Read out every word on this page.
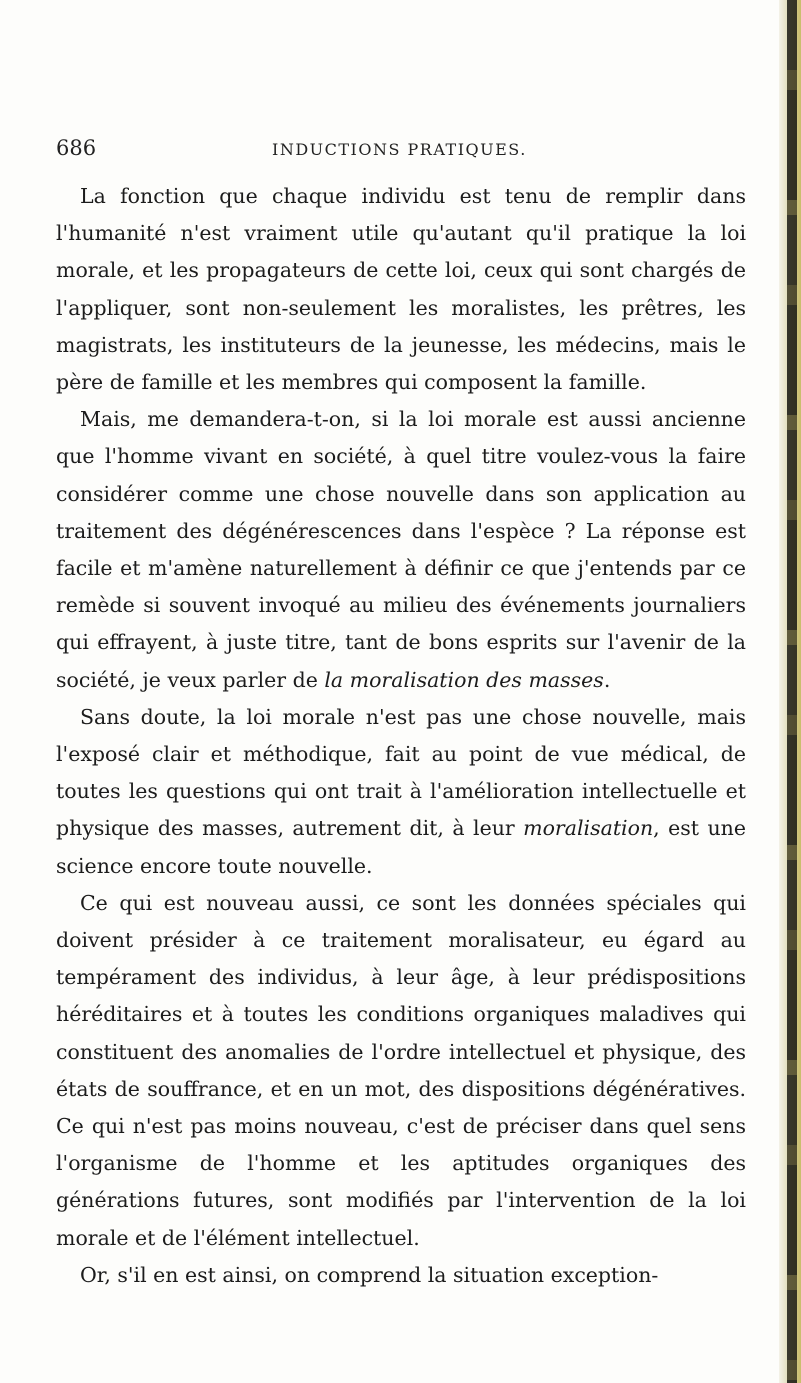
686	INDUCTIONS PRATIQUES.

La fonction que chaque individu est tenu de remplir dans l'humanité n'est vraiment utile qu'autant qu'il pratique la loi morale, et les propagateurs de cette loi, ceux qui sont chargés de l'appliquer, sont non-seulement les moralistes, les prêtres, les magistrats, les instituteurs de la jeunesse, les médecins, mais le père de famille et les membres qui composent la famille.

Mais, me demandera-t-on, si la loi morale est aussi ancienne que l'homme vivant en société, à quel titre voulez-vous la faire considérer comme une chose nouvelle dans son application au traitement des dégénérescences dans l'espèce ? La réponse est facile et m'amène naturellement à définir ce que j'entends par ce remède si souvent invoqué au milieu des événements journaliers qui effrayent, à juste titre, tant de bons esprits sur l'avenir de la société, je veux parler de la moralisation des masses.

Sans doute, la loi morale n'est pas une chose nouvelle, mais l'exposé clair et méthodique, fait au point de vue médical, de toutes les questions qui ont trait à l'amélioration intellectuelle et physique des masses, autrement dit, à leur moralisation, est une science encore toute nouvelle.

Ce qui est nouveau aussi, ce sont les données spéciales qui doivent présider à ce traitement moralisateur, eu égard au tempérament des individus, à leur âge, à leur prédispositions héréditaires et à toutes les conditions organiques maladives qui constituent des anomalies de l'ordre intellectuel et physique, des états de souffrance, et en un mot, des dispositions dégénératives. Ce qui n'est pas moins nouveau, c'est de préciser dans quel sens l'organisme de l'homme et les aptitudes organiques des générations futures, sont modifiés par l'intervention de la loi morale et de l'élément intellectuel.

Or, s'il en est ainsi, on comprend la situation exception-
